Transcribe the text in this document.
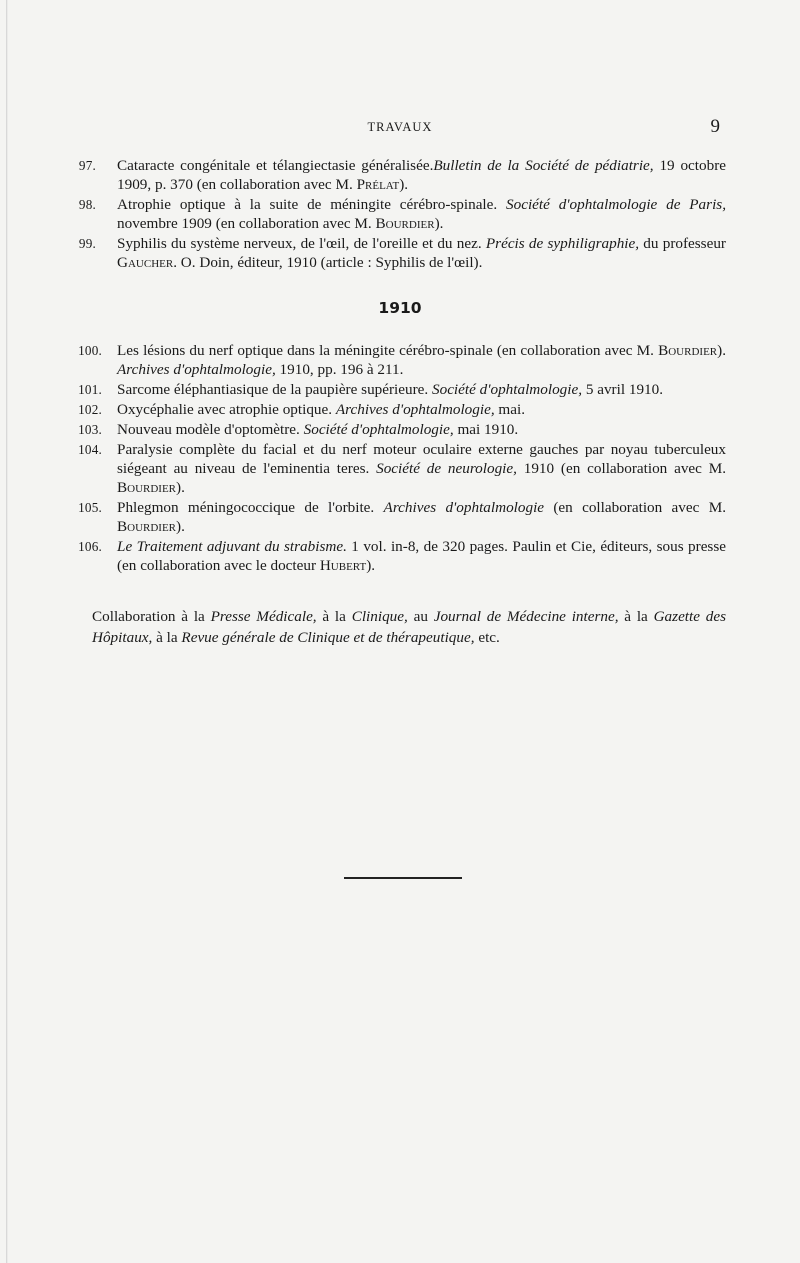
TRAVAUX	9
97. Cataracte congénitale et télangiectasie généralisée.Bulletin de la Société de pédiatrie, 19 octobre 1909, p. 370 (en collaboration avec M. Prélat).
98. Atrophie optique à la suite de méningite cérébro-spinale. Société d'ophtalmologie de Paris, novembre 1909 (en collaboration avec M. Bourdier).
99. Syphilis du système nerveux, de l'œil, de l'oreille et du nez. Précis de syphiligraphie, du professeur Gaucher. O. Doin, éditeur, 1910 (article : Syphilis de l'œil).
1910
100. Les lésions du nerf optique dans la méningite cérébro-spinale (en collaboration avec M. Bourdier). Archives d'ophtalmologie, 1910, pp. 196 à 211.
101. Sarcome éléphantiasique de la paupière supérieure. Société d'ophtalmologie, 5 avril 1910.
102. Oxycéphalie avec atrophie optique. Archives d'ophtalmologie, mai.
103. Nouveau modèle d'optomètre. Société d'ophtalmologie, mai 1910.
104. Paralysie complète du facial et du nerf moteur oculaire externe gauches par noyau tuberculeux siégeant au niveau de l'eminentia teres. Société de neurologie, 1910 (en collaboration avec M. Bourdier).
105. Phlegmon méningococcique de l'orbite. Archives d'ophtalmologie (en collaboration avec M. Bourdier).
106. Le Traitement adjuvant du strabisme. 1 vol. in-8, de 320 pages. Paulin et Cie, éditeurs, sous presse (en collaboration avec le docteur Hubert).
Collaboration à la Presse Médicale, à la Clinique, au Journal de Médecine interne, à la Gazette des Hôpitaux, à la Revue générale de Clinique et de thérapeutique, etc.
